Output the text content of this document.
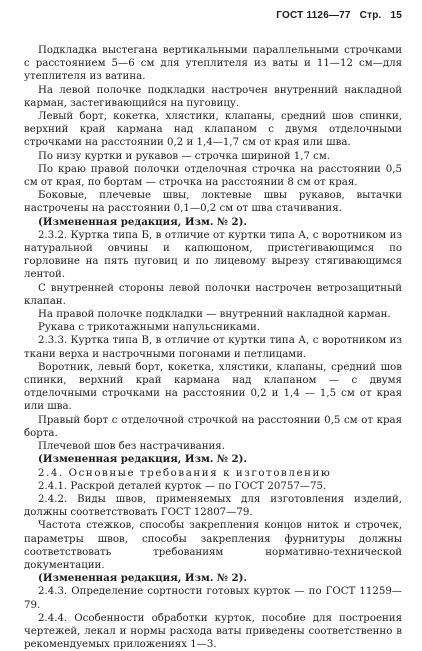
ГОСТ 1126—77 Стр. 15

Подкладка выстегана вертикальными параллельными строчками с расстоянием 5—6 см для утеплителя из ваты и 11—12 см—для утеплителя из ватина.

На левой полочке подкладки настрочен внутренний накладной карман, застегивающийся на пуговицу.

Левый борт, кокетка, хлястики, клапаны, средний шов спинки, верхний край кармана над клапаном с двумя отделочными строчками на расстоянии 0,2 и 1,4—1,7 см от края или шва.

По низу куртки и рукавов — строчка шириной 1,7 см.

По краю правой полочки отделочная строчка на расстоянии 0,5 см от края, по бортам — строчка на расстоянии 8 см от края.

Боковые, плечевые швы, локтевые швы рукавов, вытачки настрочены на расстоянии 0,1—0,2 см от шва стачивания.

(Измененная редакция, Изм. № 2).

2.3.2. Куртка типа Б, в отличие от куртки типа А, с воротником из натуральной овчины и капюшоном, пристегивающимся по горловине на пять пуговиц и по лицевому вырезу стягивающимся лентой.

С внутренней стороны левой полочки настрочен ветрозащитный клапан.

На правой полочке подкладки — внутренний накладной карман.

Рукава с трикотажными напульсниками.

2.3.3. Куртка типа В, в отличие от куртки типа А, с воротником из ткани верха и настрочными погонами и петлицами.

Воротник, левый борт, кокетка, хлястики, клапаны, средний шов спинки, верхний край кармана над клапаном — с двумя отделочными строчками на расстоянии 0,2 и 1,4 — 1,5 см от края или шва.

Правый борт с отделочной строчкой на расстоянии 0,5 см от края борта.

Плечевой шов без настрачивания.

(Измененная редакция, Изм. № 2).

2.4. Основные требования к изготовлению

2.4.1. Раскрой деталей курток — по ГОСТ 20757—75.

2.4.2. Виды швов, применяемых для изготовления изделий, должны соответствовать ГОСТ 12807—79.

Частота стежков, способы закрепления концов ниток и строчек, параметры швов, способы закрепления фурнитуры должны соответствовать требованиям нормативно-технической документации.

(Измененная редакция, Изм. № 2).

2.4.3. Определение сортности готовых курток — по ГОСТ 11259—79.

2.4.4. Особенности обработки курток, пособие для построения чертежей, лекал и нормы расхода ваты приведены соответственно в рекомендуемых приложениях 1—3.
